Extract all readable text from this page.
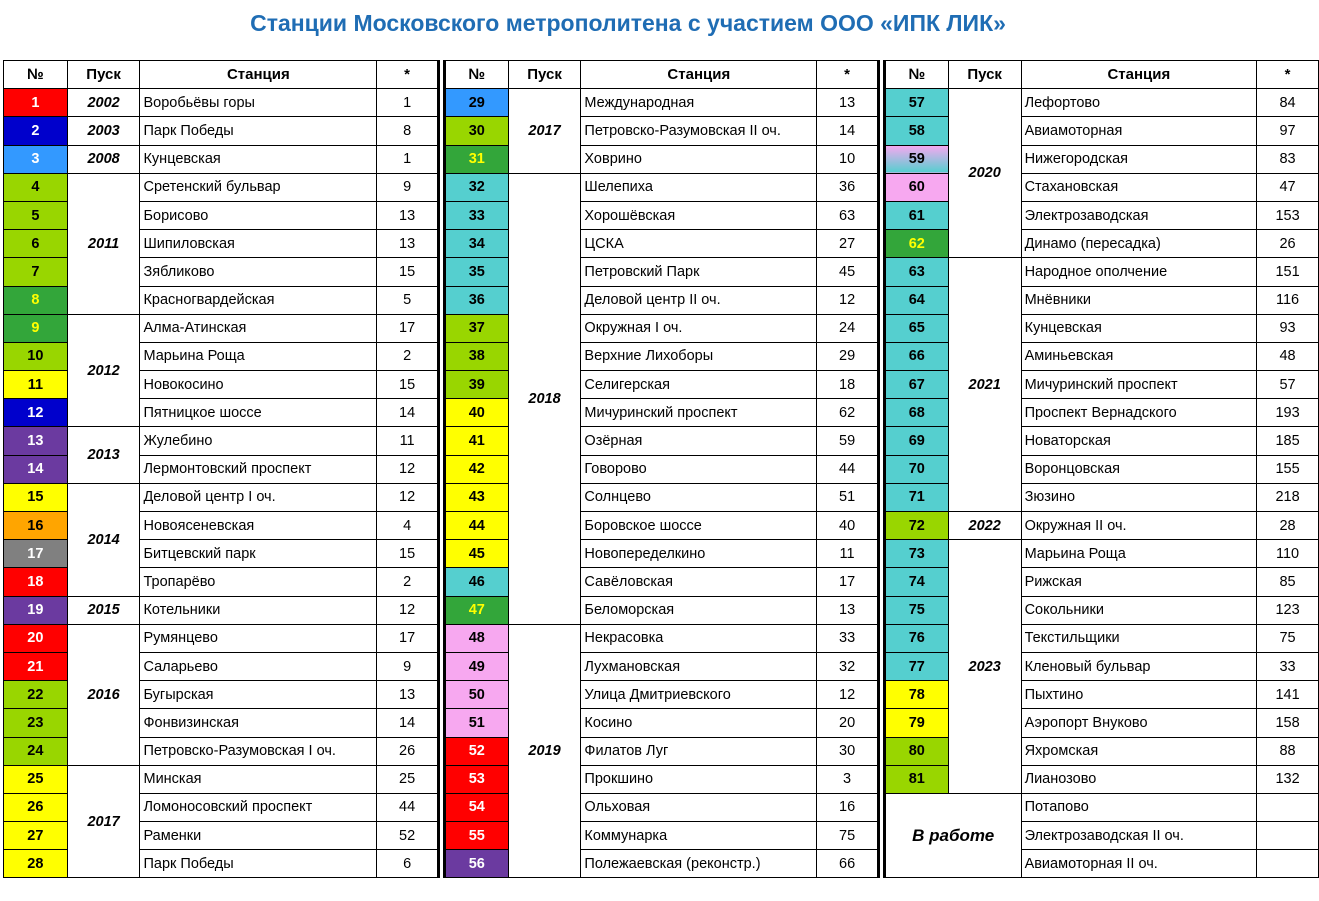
Станции Московского метрополитена с участием ООО «ИПК ЛИК»
№	Пуск	Станция	*		№	Пуск	Станция	*		№	Пуск	Станция	*
1	2002	Воробьёвы горы	1		29	2017	Международная	13		57	2020	Лефортово	84
2	2003	Парк Победы	8		30		Петровско-Разумовская II оч.	14		58		Авиамоторная	97
3	2008	Кунцевская	1		31		Ховрино	10		59		Нижегородская	83
4	2011	Сретенский бульвар	9		32	2018	Шелепиха	36		60		Стахановская	47
5		Борисово	13		33		Хорошёвская	63		61		Электрозаводская	153
6		Шипиловская	13		34		ЦСКА	27		62		Динамо (пересадка)	26
7		Зябликово	15		35		Петровский Парк	45		63	2021	Народное ополчение	151
8		Красногвардейская	5		36		Деловой центр II оч.	12		64		Мнёвники	116
9	2012	Алма-Атинская	17		37		Окружная I оч.	24		65		Кунцевская	93
10		Марьина Роща	2		38		Верхние Лихоборы	29		66		Аминьевская	48
11		Новокосино	15		39		Селигерская	18		67		Мичуринский проспект	57
12		Пятницкое шоссе	14		40		Мичуринский проспект	62		68		Проспект Вернадского	193
13	2013	Жулебино	11		41		Озёрная	59		69		Новаторская	185
14		Лермонтовский проспект	12		42		Говорово	44		70		Воронцовская	155
15	2014	Деловой центр I оч.	12		43		Солнцево	51		71		Зюзино	218
16		Новоясеневская	4		44		Боровское шоссе	40		72	2022	Окружная II оч.	28
17		Битцевский парк	15		45		Новопеределкино	11		73	2023	Марьина Роща	110
18		Тропарёво	2		46		Савёловская	17		74		Рижская	85
19	2015	Котельники	12		47		Беломорская	13		75		Сокольники	123
20	2016	Румянцево	17		48	2019	Некрасовка	33		76		Текстильщики	75
21		Саларьево	9		49		Лухмановская	32		77		Кленовый бульвар	33
22		Бугырская	13		50		Улица Дмитриевского	12		78		Пыхтино	141
23		Фонвизинская	14		51		Косино	20		79		Аэропорт Внуково	158
24		Петровско-Разумовская I оч.	26		52		Филатов Луг	30		80		Яхромская	88
25	2017	Минская	25		53		Прокшино	3		81		Лианозово	132
26		Ломоносовский проспект	44		54		Ольховая	16		В работе		Потапово	
27		Раменки	52		55		Коммунарка	75				Электрозаводская II оч.	
28		Парк Победы	6		56		Полежаевская (реконстр.)	66				Авиамоторная II оч.	
